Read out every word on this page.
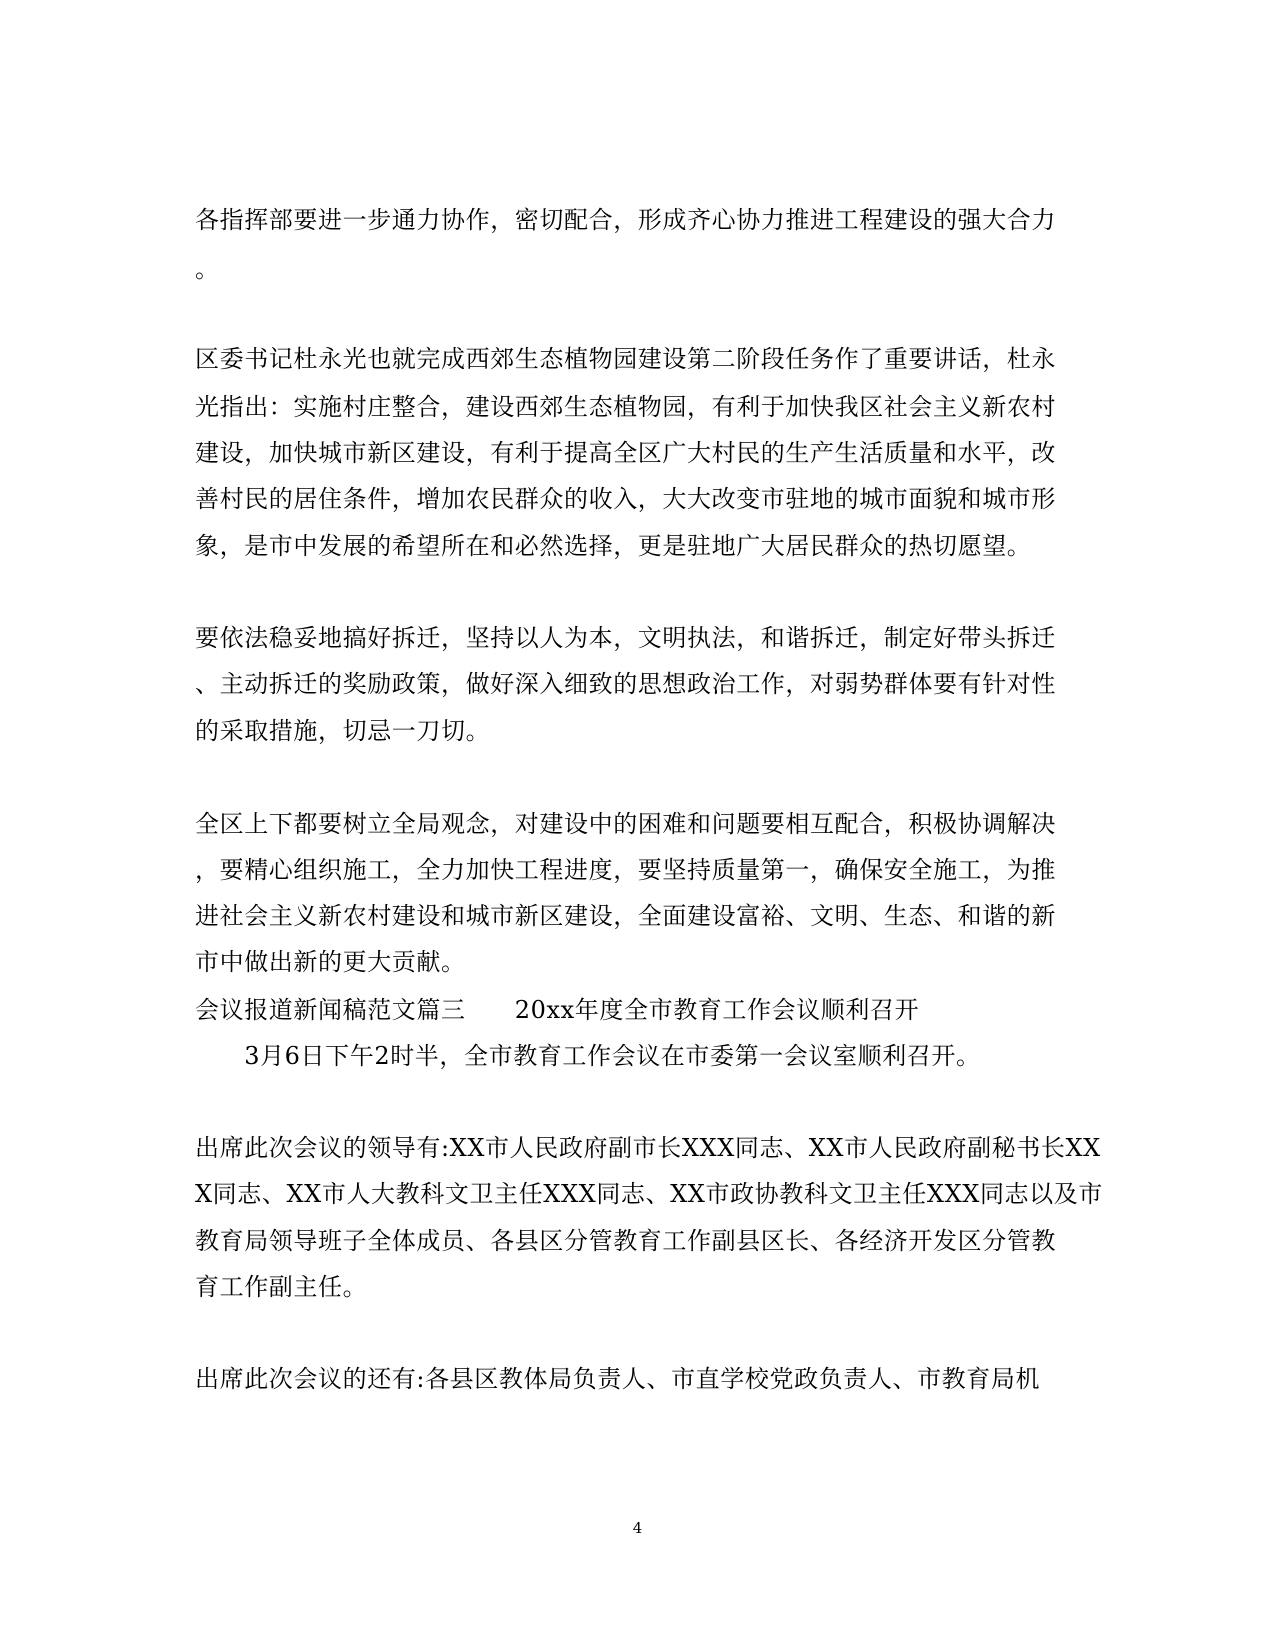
各指挥部要进一步通力协作，密切配合，形成齐心协力推进工程建设的强大合力
。
区委书记杜永光也就完成西郊生态植物园建设第二阶段任务作了重要讲话，杜永
光指出：实施村庄整合，建设西郊生态植物园，有利于加快我区社会主义新农村
建设，加快城市新区建设，有利于提高全区广大村民的生产生活质量和水平，改
善村民的居住条件，增加农民群众的收入，大大改变市驻地的城市面貌和城市形
象，是市中发展的希望所在和必然选择，更是驻地广大居民群众的热切愿望。
要依法稳妥地搞好拆迁，坚持以人为本，文明执法，和谐拆迁，制定好带头拆迁
、主动拆迁的奖励政策，做好深入细致的思想政治工作，对弱势群体要有针对性
的采取措施，切忌一刀切。
全区上下都要树立全局观念，对建设中的困难和问题要相互配合，积极协调解决
，要精心组织施工，全力加快工程进度，要坚持质量第一，确保安全施工，为推
进社会主义新农村建设和城市新区建设，全面建设富裕、文明、生态、和谐的新
市中做出新的更大贡献。
会议报道新闻稿范文篇三　　20xx年度全市教育工作会议顺利召开
　　3月6日下午2时半，全市教育工作会议在市委第一会议室顺利召开。
出席此次会议的领导有:XX市人民政府副市长XXX同志、XX市人民政府副秘书长XX
X同志、XX市人大教科文卫主任XXX同志、XX市政协教科文卫主任XXX同志以及市
教育局领导班子全体成员、各县区分管教育工作副县区长、各经济开发区分管教
育工作副主任。
出席此次会议的还有:各县区教体局负责人、市直学校党政负责人、市教育局机
4
